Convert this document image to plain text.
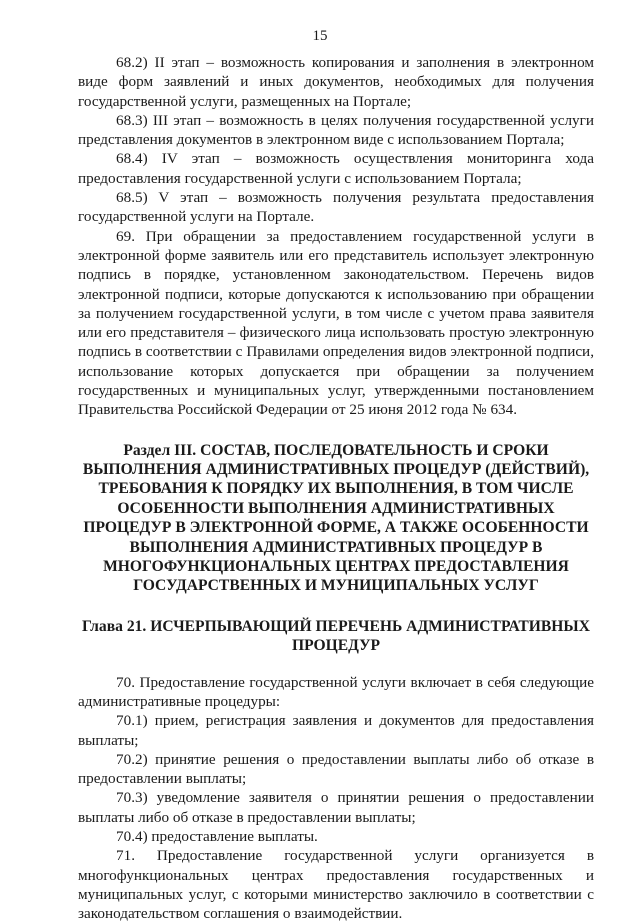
15

68.2) II этап – возможность копирования и заполнения в электронном виде форм заявлений и иных документов, необходимых для получения государственной услуги, размещенных на Портале;

68.3) III этап – возможность в целях получения государственной услуги представления документов в электронном виде с использованием Портала;

68.4) IV этап – возможность осуществления мониторинга хода предоставления государственной услуги с использованием Портала;

68.5) V этап – возможность получения результата предоставления государственной услуги на Портале.

69. При обращении за предоставлением государственной услуги в электронной форме заявитель или его представитель использует электронную подпись в порядке, установленном законодательством. Перечень видов электронной подписи, которые допускаются к использованию при обращении за получением государственной услуги, в том числе с учетом права заявителя или его представителя – физического лица использовать простую электронную подпись в соответствии с Правилами определения видов электронной подписи, использование которых допускается при обращении за получением государственных и муниципальных услуг, утвержденными постановлением Правительства Российской Федерации от 25 июня 2012 года № 634.

Раздел III. СОСТАВ, ПОСЛЕДОВАТЕЛЬНОСТЬ И СРОКИ ВЫПОЛНЕНИЯ АДМИНИСТРАТИВНЫХ ПРОЦЕДУР (ДЕЙСТВИЙ), ТРЕБОВАНИЯ К ПОРЯДКУ ИХ ВЫПОЛНЕНИЯ, В ТОМ ЧИСЛЕ ОСОБЕННОСТИ ВЫПОЛНЕНИЯ АДМИНИСТРАТИВНЫХ ПРОЦЕДУР В ЭЛЕКТРОННОЙ ФОРМЕ, А ТАКЖЕ ОСОБЕННОСТИ ВЫПОЛНЕНИЯ АДМИНИСТРАТИВНЫХ ПРОЦЕДУР В МНОГОФУНКЦИОНАЛЬНЫХ ЦЕНТРАХ ПРЕДОСТАВЛЕНИЯ ГОСУДАРСТВЕННЫХ И МУНИЦИПАЛЬНЫХ УСЛУГ
Глава 21. ИСЧЕРПЫВАЮЩИЙ ПЕРЕЧЕНЬ АДМИНИСТРАТИВНЫХ ПРОЦЕДУР

70. Предоставление государственной услуги включает в себя следующие административные процедуры:

70.1) прием, регистрация заявления и документов для предоставления выплаты;

70.2) принятие решения о предоставлении выплаты либо об отказе в предоставлении выплаты;

70.3) уведомление заявителя о принятии решения о предоставлении выплаты либо об отказе в предоставлении выплаты;

70.4) предоставление выплаты.

71. Предоставление государственной услуги организуется в многофункциональных центрах предоставления государственных и муниципальных услуг, с которыми министерство заключило в соответствии с законодательством соглашения о взаимодействии.
